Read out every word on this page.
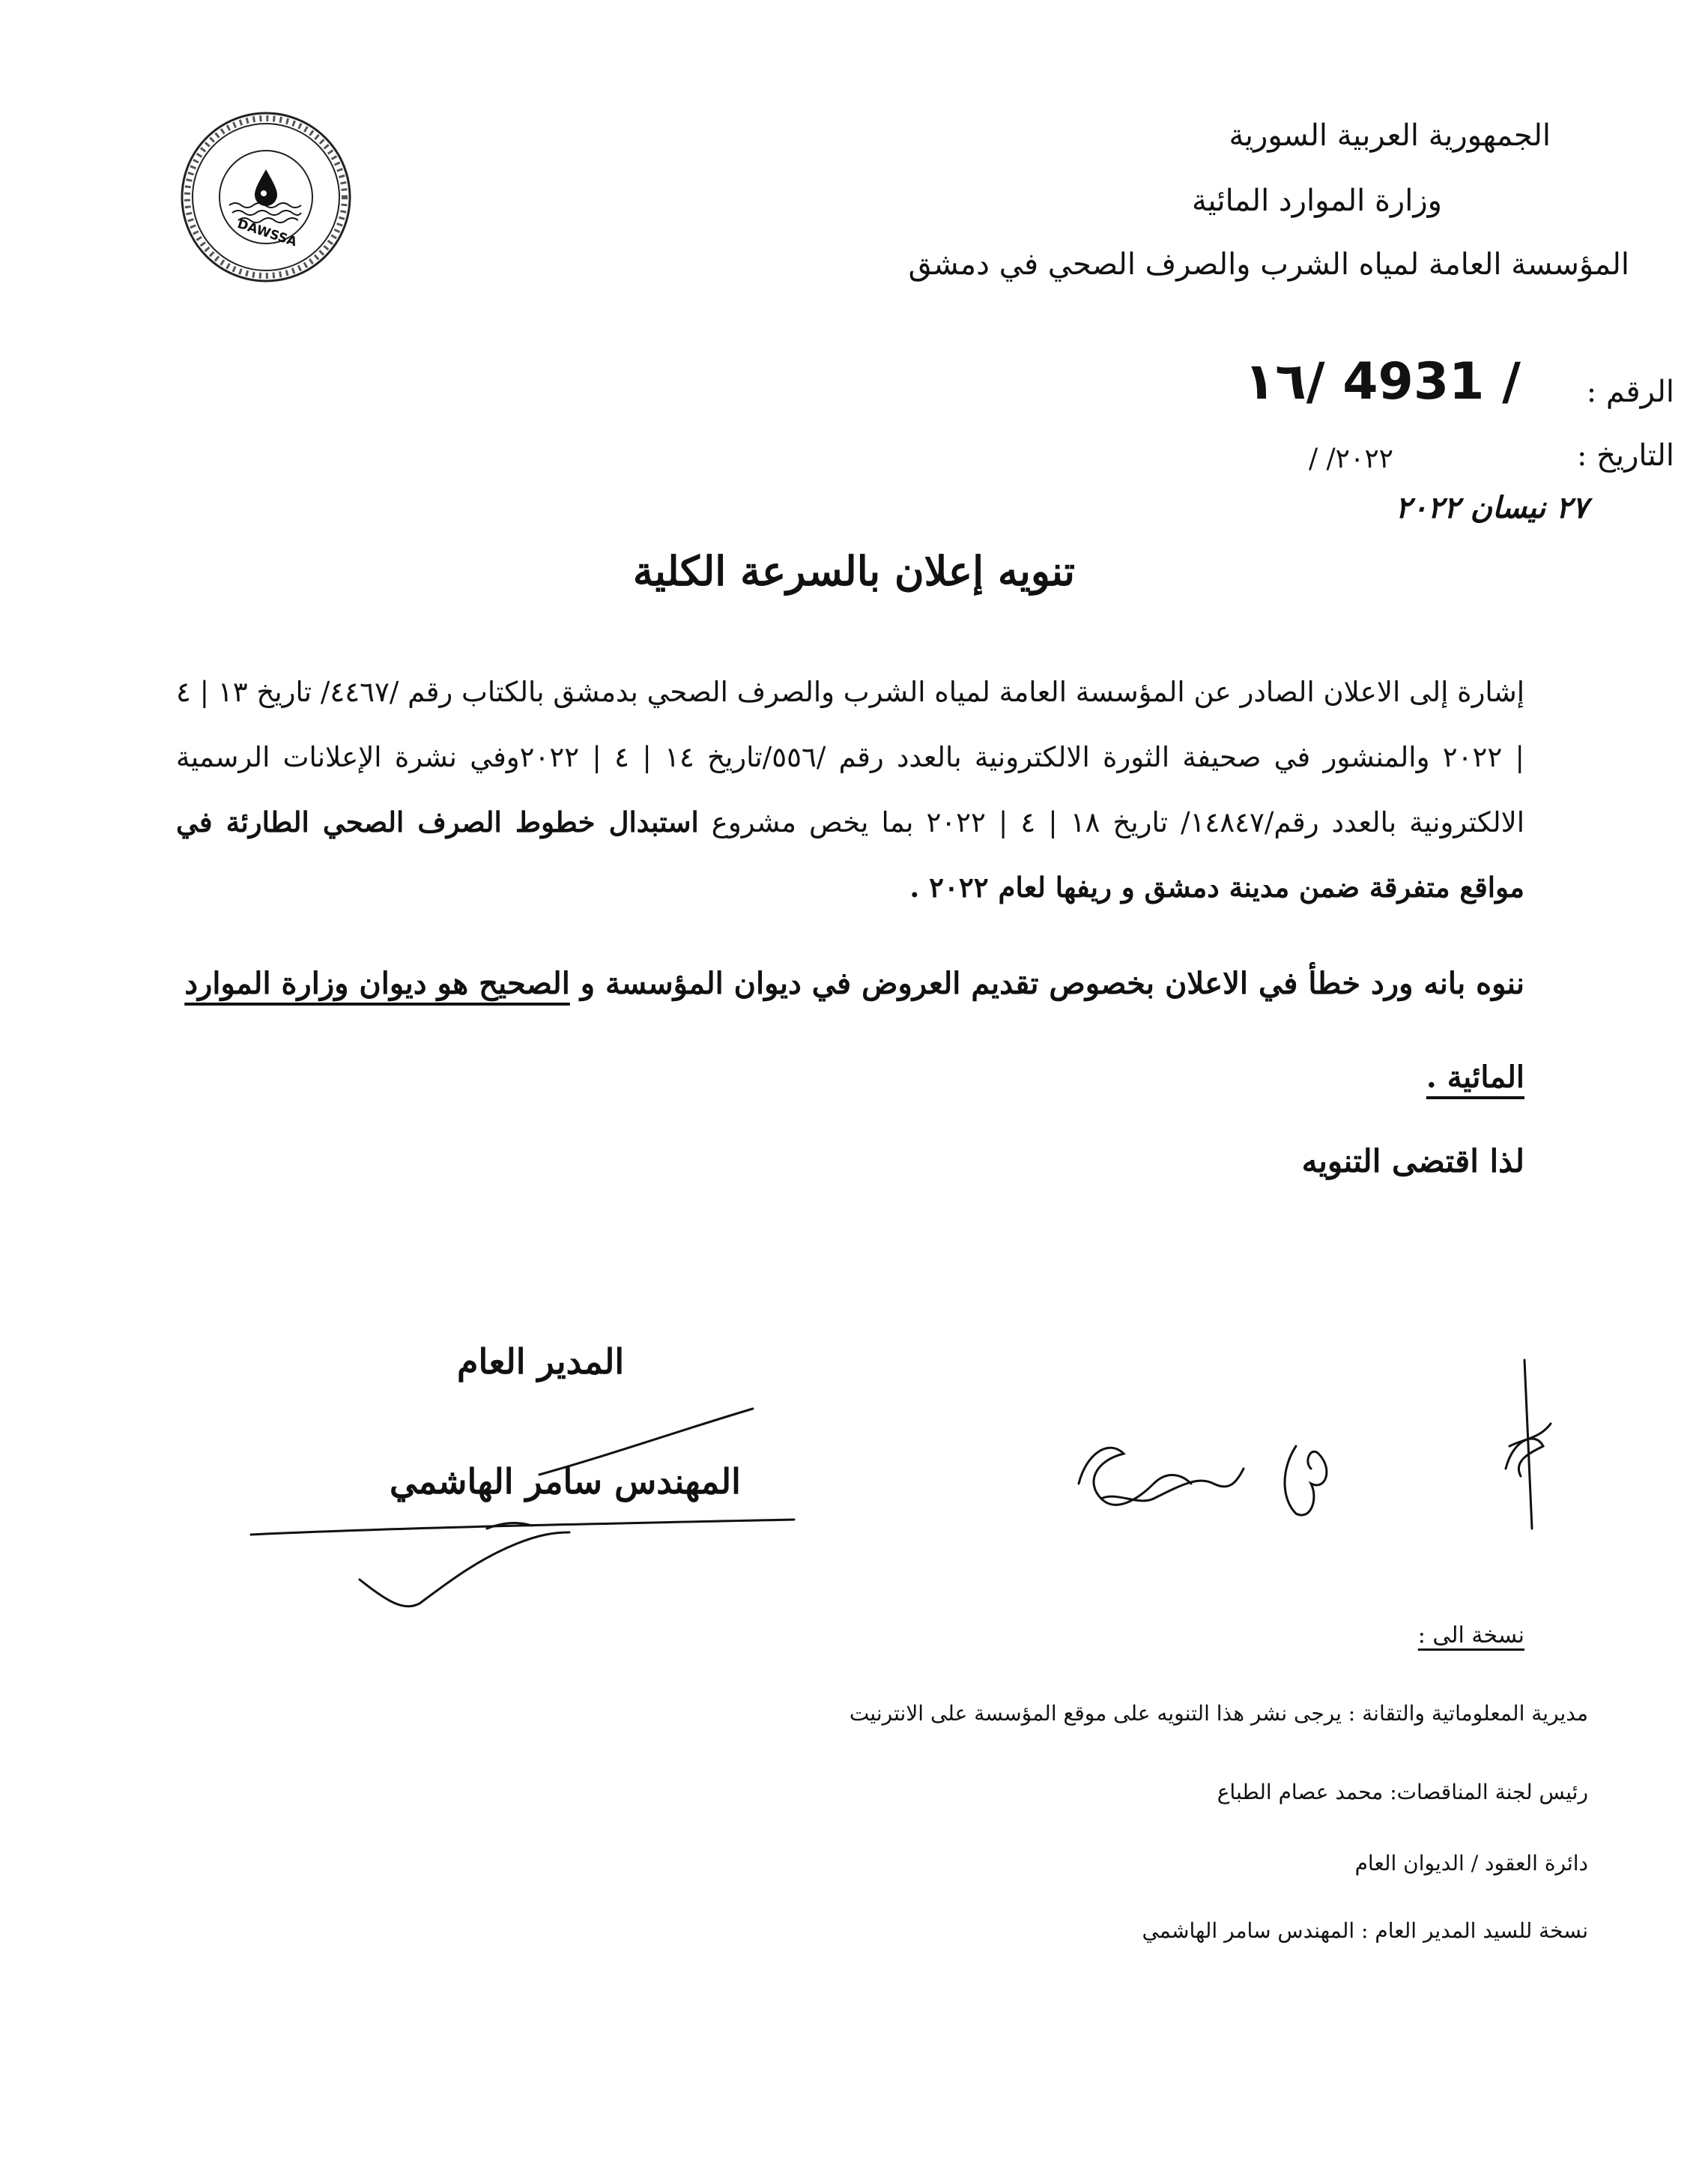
DAWSSA
الجمهورية العربية السورية
وزارة الموارد المائية
المؤسسة العامة لمياه الشرب والصرف الصحي في دمشق
الرقم :
١٦/ 4931 /
التاريخ :
/ /٢٠٢٢
٢٧ نيسان ٢٠٢٢
تنويه إعلان بالسرعة الكلية
إشارة إلى الاعلان الصادر عن المؤسسة العامة لمياه الشرب والصرف الصحي بدمشق بالكتاب رقم /٤٤٦٧/ تاريخ ١٣ | ٤ | ٢٠٢٢ والمنشور في صحيفة الثورة الالكترونية بالعدد رقم /٥٥٦/تاريخ ١٤ | ٤ | ٢٠٢٢وفي نشرة الإعلانات الرسمية الالكترونية بالعدد رقم/١٤٨٤٧/ تاريخ ١٨ | ٤ | ٢٠٢٢ بما يخص مشروع استبدال خطوط الصرف الصحي الطارئة في مواقع متفرقة ضمن مدينة دمشق و ريفها لعام ٢٠٢٢ .
ننوه بانه ورد خطأ في الاعلان بخصوص تقديم العروض في ديوان المؤسسة و الصحيح هو ديوان وزارة الموارد المائية .
لذا اقتضى التنويه
المدير العام
المهندس سامر الهاشمي
نسخة الى :
مديرية المعلوماتية والتقانة : يرجى نشر هذا التنويه على موقع المؤسسة على الانترنيت
رئيس لجنة المناقصات: محمد عصام الطباع
دائرة العقود / الديوان العام
نسخة للسيد المدير العام : المهندس سامر الهاشمي
